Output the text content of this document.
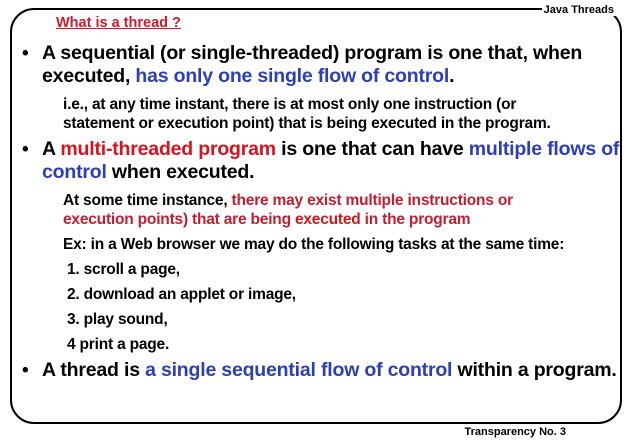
Java Threads
What is a thread ?
• A sequential (or single-threaded) program is one that, when
executed, has only one single flow of control.
i.e., at any time instant, there is at most only one instruction (or
statement or execution point) that is being executed in the program.
• A multi-threaded program is one that can have multiple flows of
control when executed.
At some time instance, there may exist multiple instructions or
execution points) that are being executed in the program
Ex: in a Web browser we may do the following tasks at the same time:
1. scroll a page,
2. download an applet or image,
3. play sound,
4 print a page.
• A thread is a single sequential flow of control within a program.
Transparency No. 3
